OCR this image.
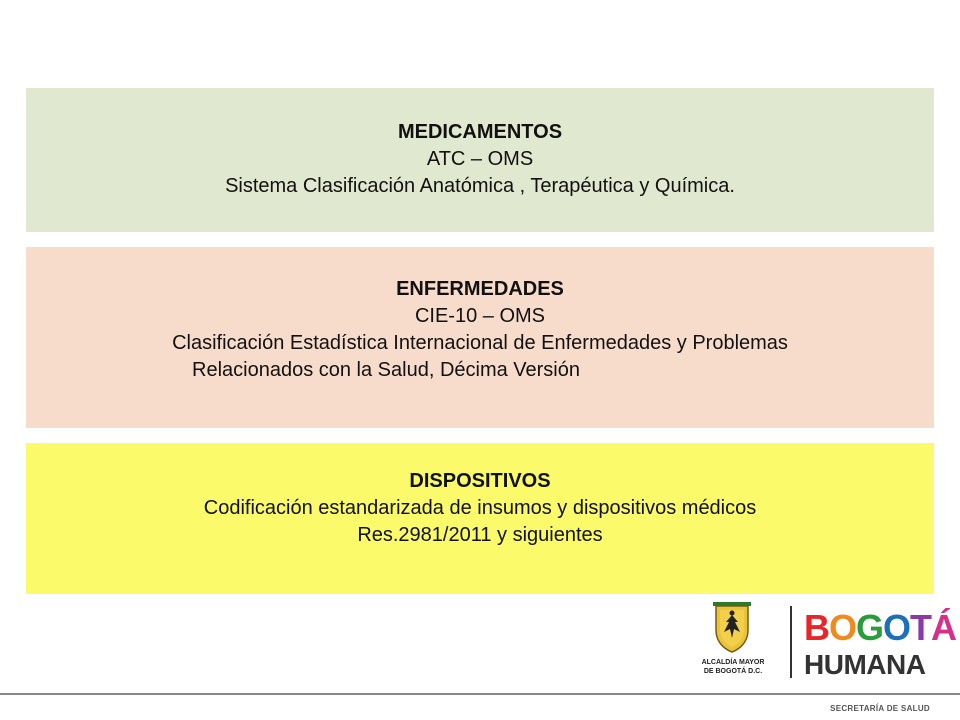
MEDICAMENTOS
ATC – OMS
Sistema Clasificación Anatómica , Terapéutica y Química.
ENFERMEDADES
CIE-10 – OMS
Clasificación Estadística Internacional de Enfermedades y Problemas
Relacionados con la Salud, Décima Versión
DISPOSITIVOS
Codificación estandarizada de insumos y dispositivos médicos
Res.2981/2011 y siguientes
ALCALDÍA MAYOR
DE BOGOTÁ D.C.
BOGOTÁ
HUMANA
SECRETARÍA DE SALUD
